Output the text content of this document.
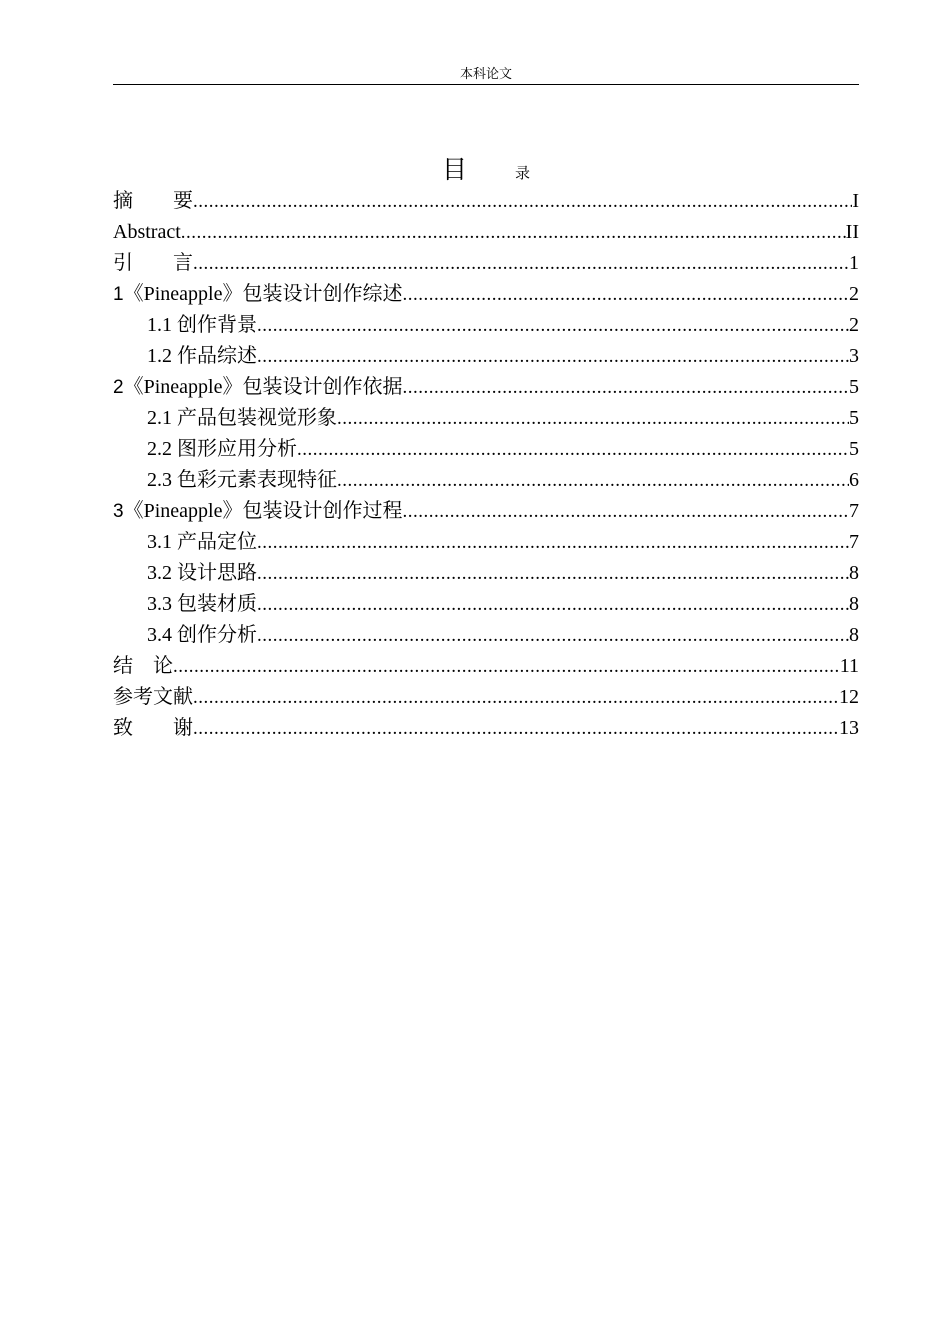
本科论文
目	录
摘　　要 .....	I
Abstract .....	II
引　　言 .....	1
1 《Pineapple》包装设计创作综述 .....	2
1.1 创作背景 .....	2
1.2 作品综述 .....	3
2 《Pineapple》包装设计创作依据 .....	5
2.1 产品包装视觉形象 .....	5
2.2 图形应用分析 .....	5
2.3 色彩元素表现特征 .....	6
3 《Pineapple》包装设计创作过程 .....	7
3.1 产品定位 .....	7
3.2 设计思路 .....	8
3.3 包装材质 .....	8
3.4 创作分析 .....	8
结　论 .....	11
参考文献 .....	12
致　　谢 .....	13
